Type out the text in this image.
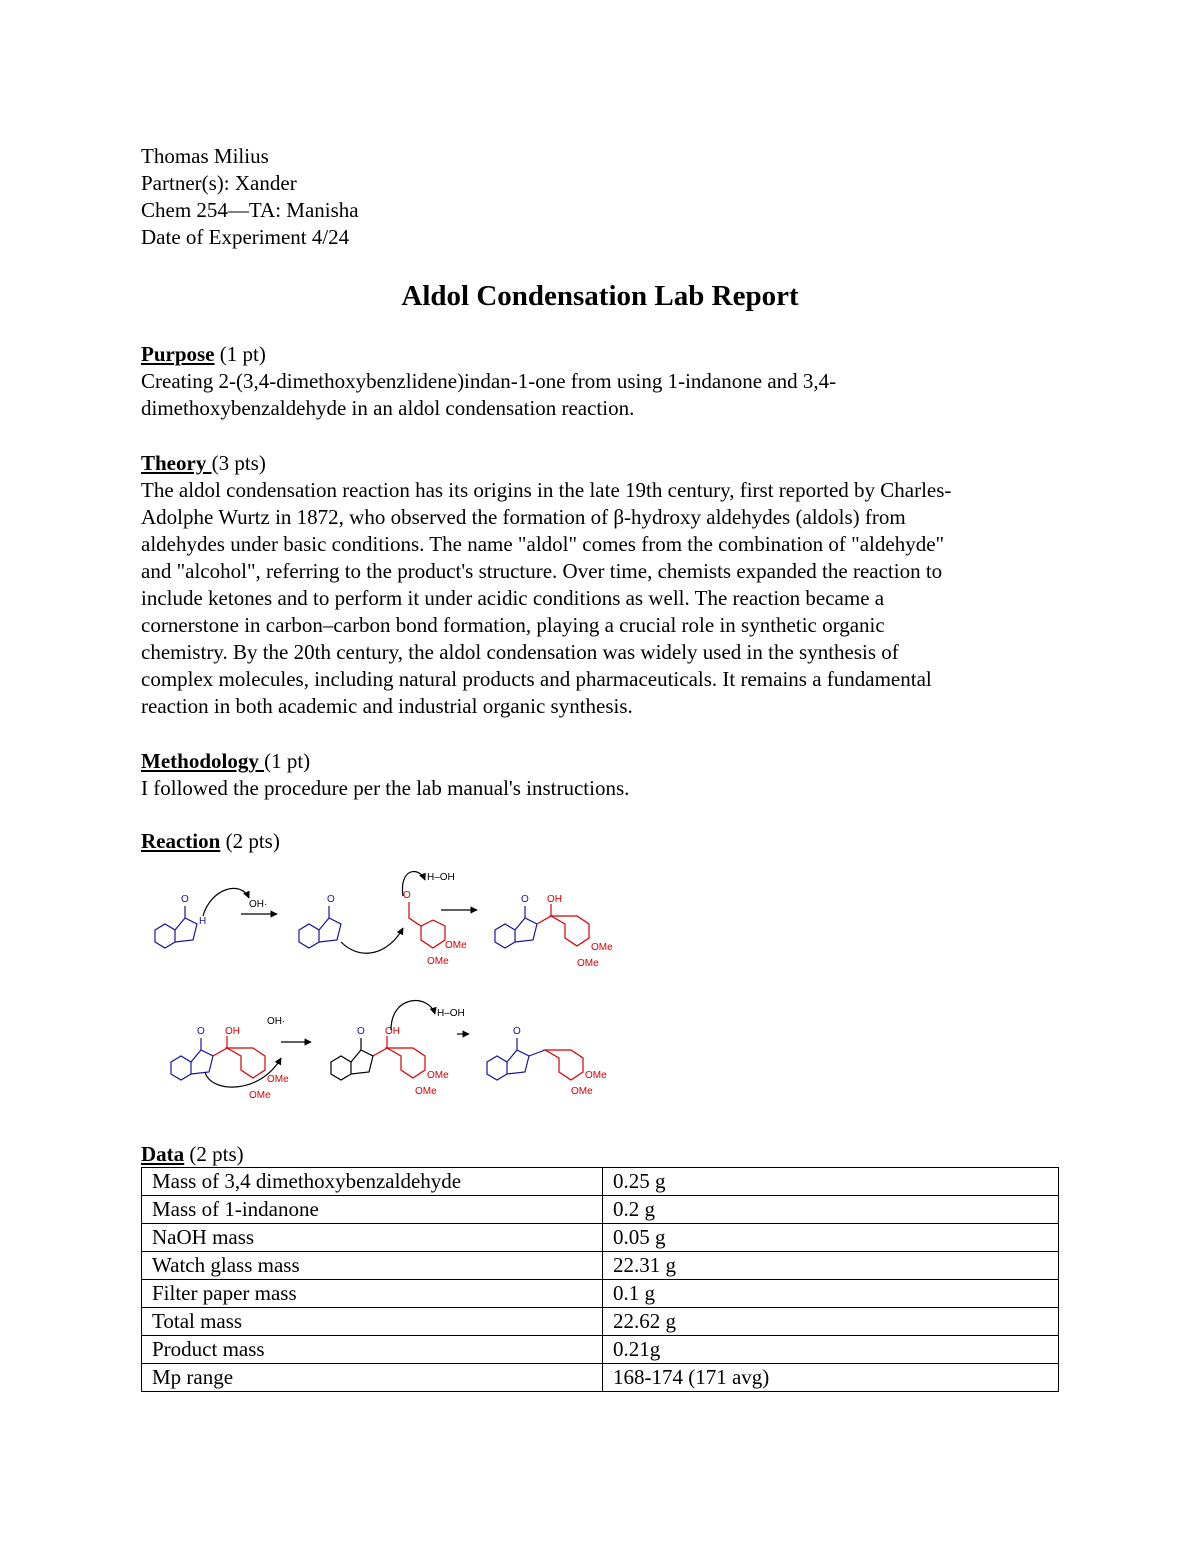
Thomas Milius
Partner(s): Xander
Chem 254—TA: Manisha
Date of Experiment 4/24
Aldol Condensation Lab Report
Purpose (1 pt)
Creating 2-(3,4-dimethoxybenzlidene)indan-1-one from using 1-indanone and 3,4-
dimethoxybenzaldehyde in an aldol condensation reaction.
Theory (3 pts)
The aldol condensation reaction has its origins in the late 19th century, first reported by Charles-
Adolphe Wurtz in 1872, who observed the formation of β-hydroxy aldehydes (aldols) from
aldehydes under basic conditions. The name "aldol" comes from the combination of "aldehyde"
and "alcohol", referring to the product's structure. Over time, chemists expanded the reaction to
include ketones and to perform it under acidic conditions as well. The reaction became a
cornerstone in carbon–carbon bond formation, playing a crucial role in synthetic organic
chemistry. By the 20th century, the aldol condensation was widely used in the synthesis of
complex molecules, including natural products and pharmaceuticals. It remains a fundamental
reaction in both academic and industrial organic synthesis.
Methodology (1 pt)
I followed the procedure per the lab manual's instructions.
Reaction (2 pts)
O
H
OH·	O	O
OMe
OMe
H–OH
O OH
OMe
OMe
O OH
OMe
OMe
OH·
O OH
OMe
OMe
H–OH
O
OMe
OMe
Data (2 pts)
Mass of 3,4 dimethoxybenzaldehyde	0.25 g
Mass of 1-indanone	0.2 g
NaOH mass	0.05 g
Watch glass mass	22.31 g
Filter paper mass	0.1 g
Total mass	22.62 g
Product mass	0.21g
Mp range	168-174 (171 avg)
